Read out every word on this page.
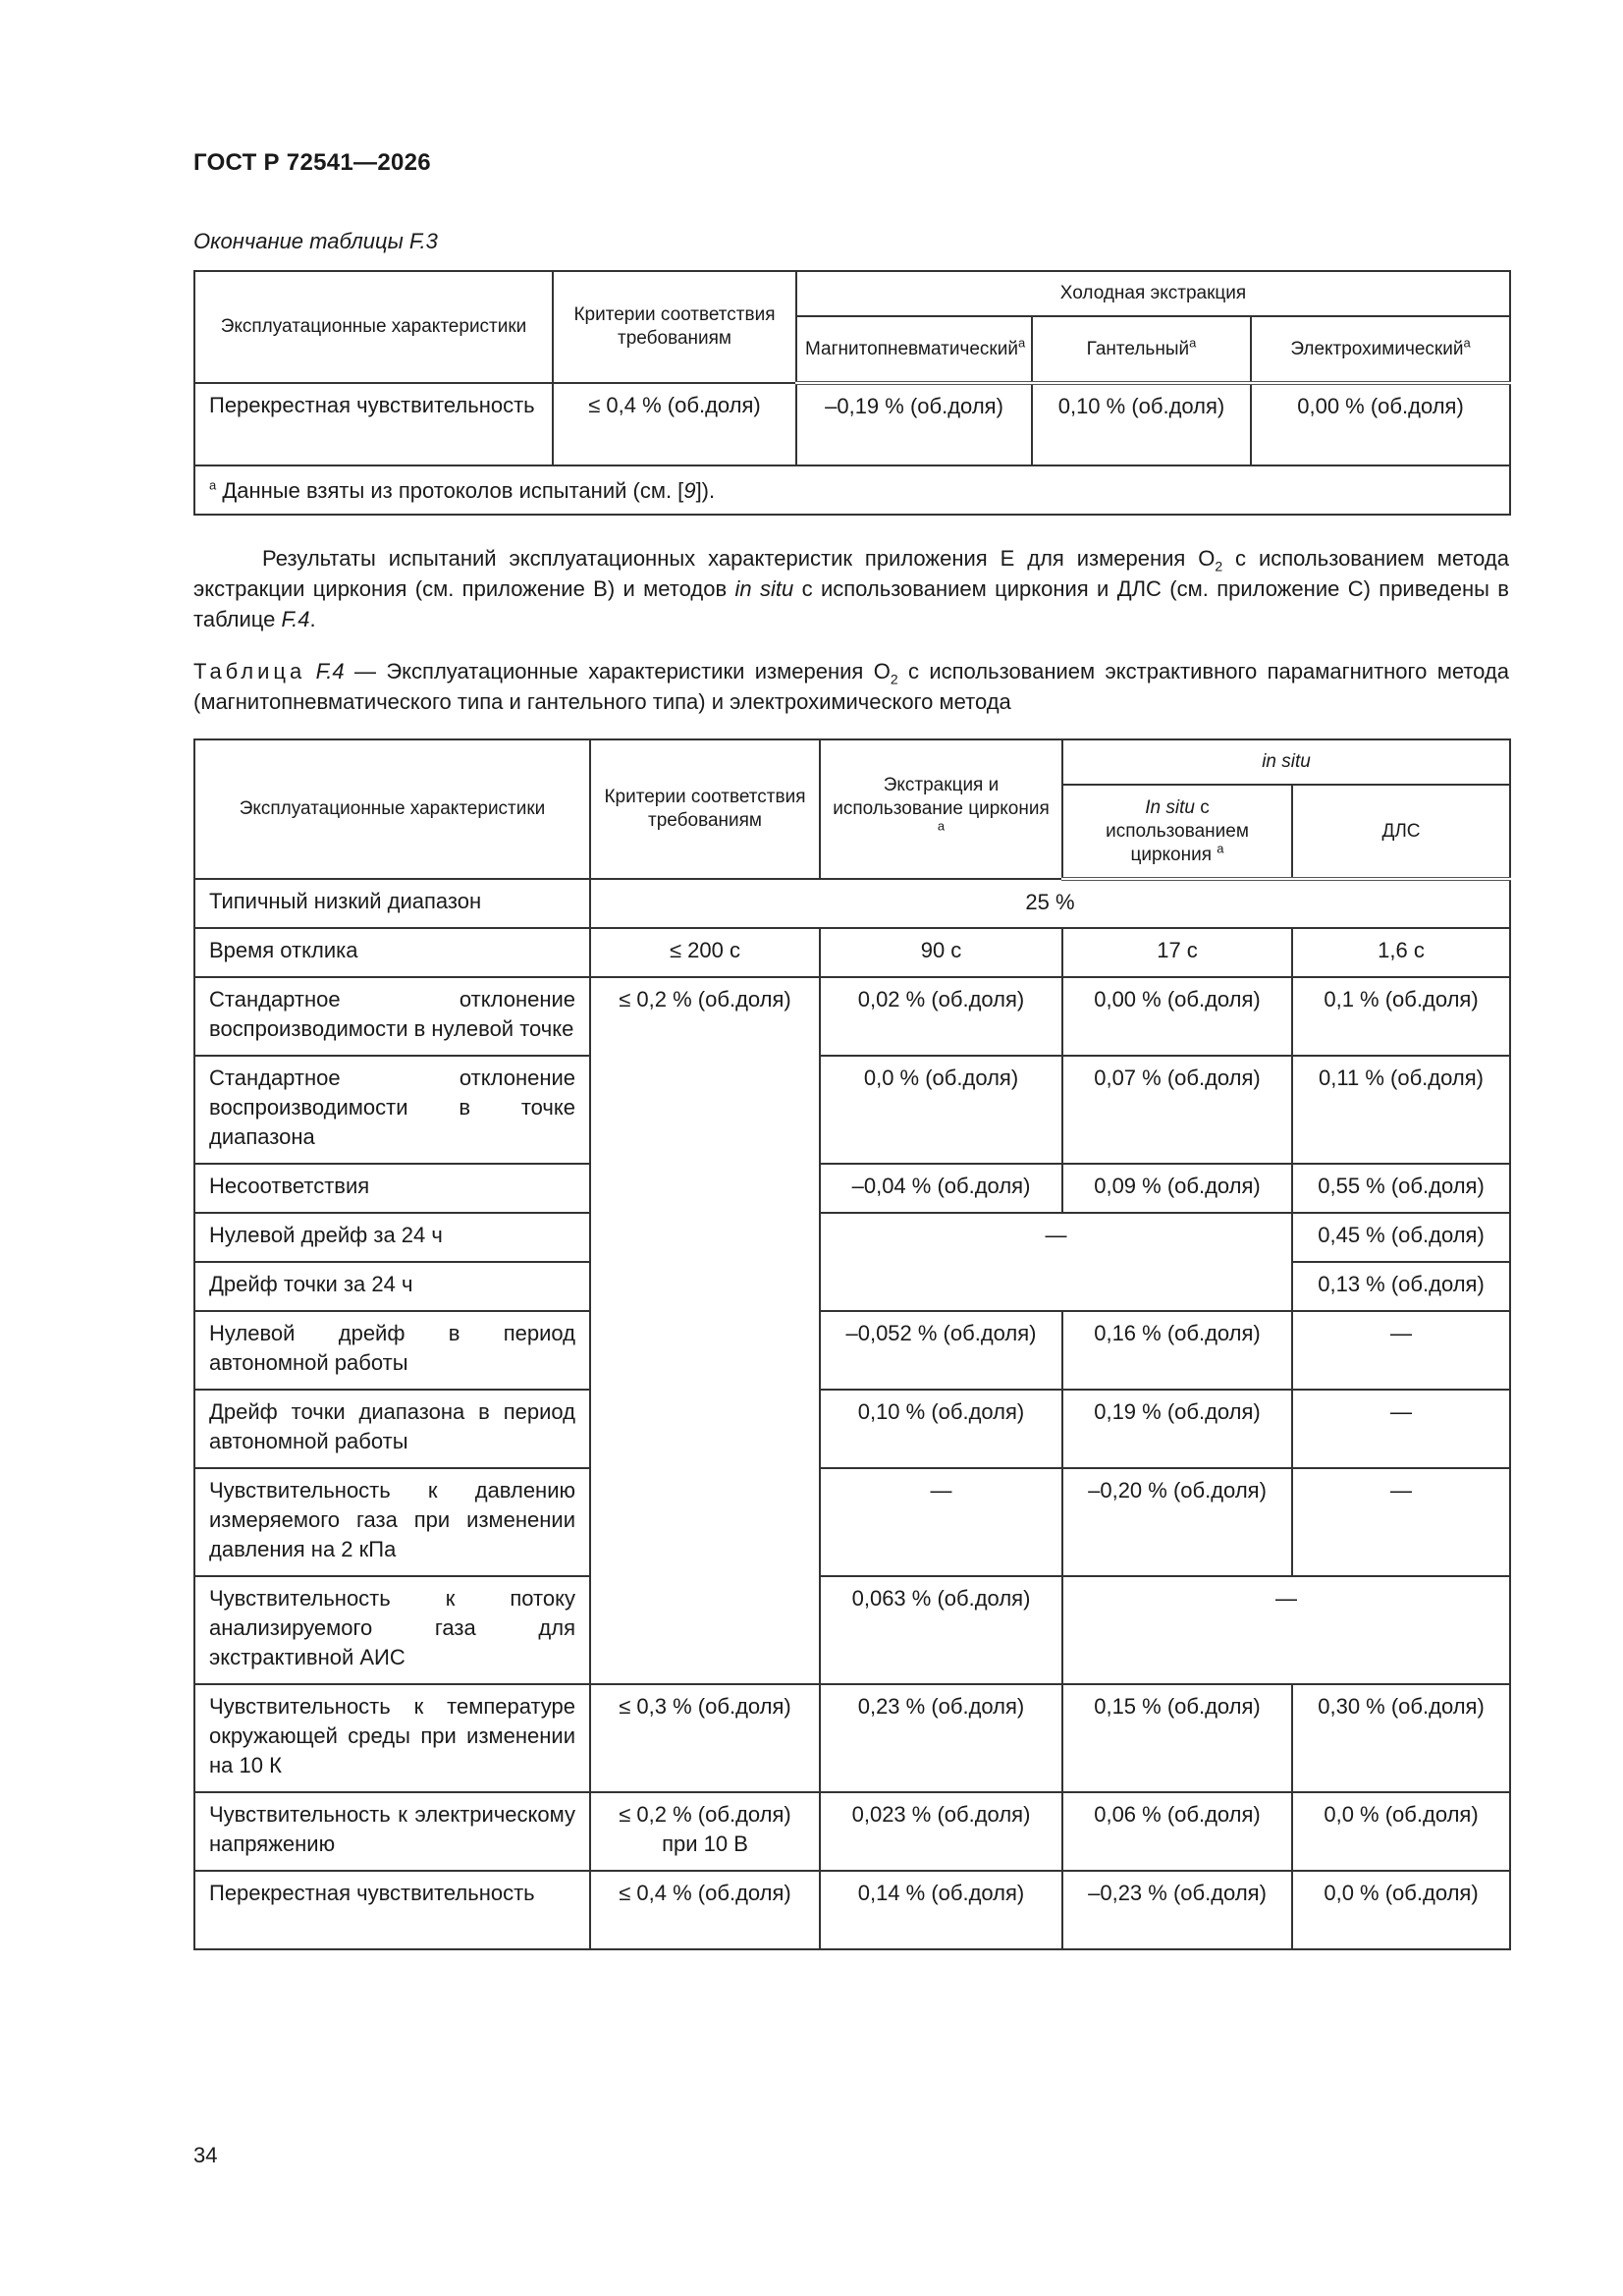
ГОСТ Р 72541—2026
Окончание таблицы F.3
Эксплуатационные характеристики	Критерии соответствия требованиям	Холодная экстракция		
		Магнитопневматический$^а$	Гантельный$^а$	Электрохимический$^а$
Перекрестная чувствительность	≤ 0,4 % (об.доля)	–0,19 % (об.доля)	0,10 % (об.доля)	0,00 % (об.доля)
$^а$ Данные взяты из протоколов испытаний (см. [9]).				
Результаты испытаний эксплуатационных характеристик приложения Е для измерения $O_2$ с использованием метода экстракции циркония (см. приложение В) и методов in situ с использованием циркония и ДЛС (см. приложение С) приведены в таблице F.4.
Таблица F.4 — Эксплуатационные характеристики измерения $O_2$ с использованием экстрактивного парамагнитного метода (магнитопневматического типа и гантельного типа) и электрохимического метода
Эксплуатационные характеристики	Критерии соответствия требованиям	Экстракция и использование циркония $^а$	in situ	
			In situ с использованием циркония $^а$	ДЛС
Типичный низкий диапазон	25 %			
Время отклика	≤ 200 с	90 с	17 с	1,6 с
Стандартное отклонение воспроизводимости в нулевой точке	≤ 0,2 % (об.доля)	0,02 % (об.доля)	0,00 % (об.доля)	0,1 % (об.доля)
Стандартное отклонение воспроизводимости в точке диапазона		0,0 % (об.доля)	0,07 % (об.доля)	0,11 % (об.доля)
Несоответствия		–0,04 % (об.доля)	0,09 % (об.доля)	0,55 % (об.доля)
Нулевой дрейф за 24 ч		—		0,45 % (об.доля)
Дрейф точки за 24 ч				0,13 % (об.доля)
Нулевой дрейф в период автономной работы		–0,052 % (об.доля)	0,16 % (об.доля)	—
Дрейф точки диапазона в период автономной работы		0,10 % (об.доля)	0,19 % (об.доля)	—
Чувствительность к давлению измеряемого газа при изменении давления на 2 кПа		—	–0,20 % (об.доля)	—
Чувствительность к потоку анализируемого газа для экстрактивной АИС		0,063 % (об.доля)	—	
Чувствительность к температуре окружающей среды при изменении на 10 К	≤ 0,3 % (об.доля)	0,23 % (об.доля)	0,15 % (об.доля)	0,30 % (об.доля)
Чувствительность к электрическому напряжению	≤ 0,2 % (об.доля) при 10 В	0,023 % (об.доля)	0,06 % (об.доля)	0,0 % (об.доля)
Перекрестная чувствительность	≤ 0,4 % (об.доля)	0,14 % (об.доля)	–0,23 % (об.доля)	0,0 % (об.доля)
34
